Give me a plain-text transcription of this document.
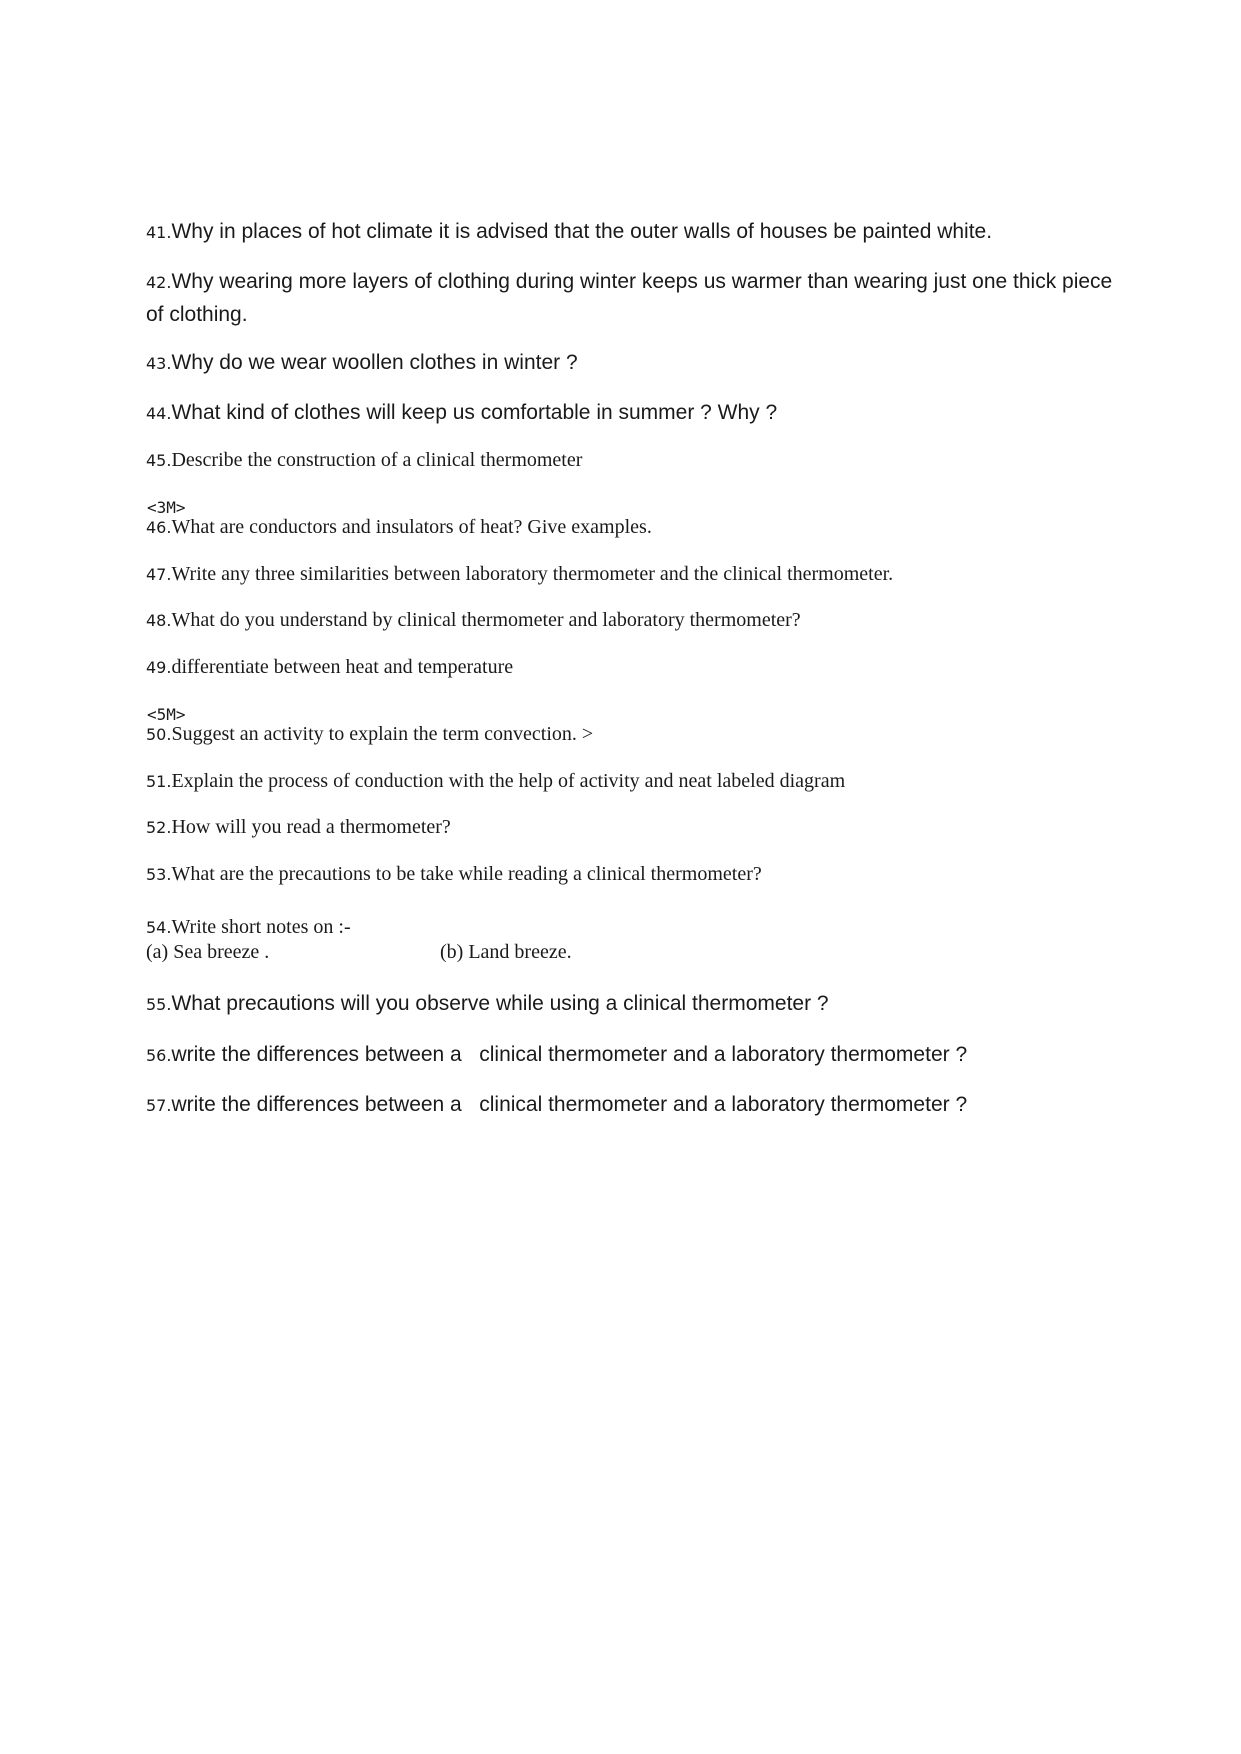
41.Why in places of hot climate it is advised that the outer walls of houses be painted white.
42.Why wearing more layers of clothing during winter keeps us warmer than wearing just one thick piece of clothing.
43.Why do we wear woollen clothes in winter ?
44.What kind of clothes will keep us comfortable in summer ? Why ?
45.Describe the construction of a clinical thermometer
<3M>
46.What are conductors and insulators of heat? Give examples.
47.Write any three similarities between laboratory thermometer and the clinical thermometer.
48.What do you understand by clinical thermometer and laboratory thermometer?
49.differentiate between heat and temperature
<5M>
50.Suggest an activity to explain the term convection. >
51.Explain the process of conduction with the help of activity and neat labeled diagram
52.How will you read a thermometer?
53.What are the precautions to be take while reading a clinical thermometer?
54.Write short notes on :-
(a) Sea breeze .	(b) Land breeze.
55.What precautions will you observe while using a clinical thermometer ?
56.write the differences between a   clinical thermometer and a laboratory thermometer ?
57.write the differences between a   clinical thermometer and a laboratory thermometer ?
